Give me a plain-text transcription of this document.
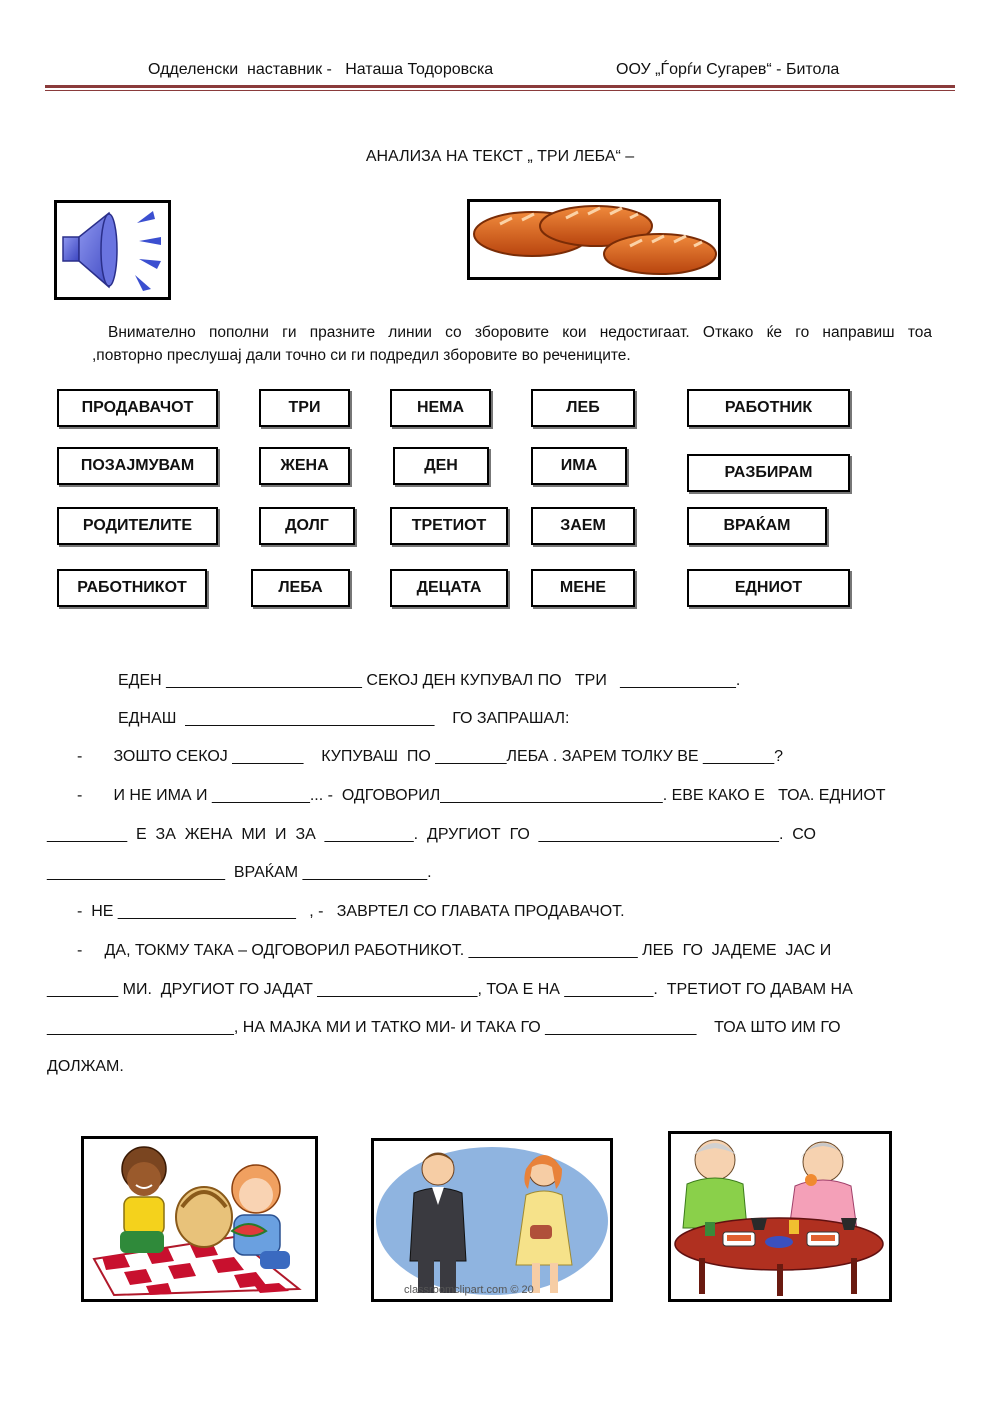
Одделенски  наставник -   Наташа Тодоровска	ООУ „Ѓорѓи Сугарев“ - Битола
АНАЛИЗА НА ТЕКСТ „ ТРИ ЛЕБА“ –
Внимателно пополни ги празните линии со зборовите кои недостигаат. Откако ќе го направиш тоа
,повторно преслушај дали точно си ги подредил зборовите во речениците.
ПРОДАВАЧОТ	ТРИ	НЕМА	ЛЕБ	РАБОТНИК
ПОЗАЈМУВАМ	ЖЕНА	ДЕН	ИМА	РАЗБИРАМ
РОДИТЕЛИТЕ	ДОЛГ	ТРЕТИОТ	ЗАЕМ	ВРАЌАМ
РАБОТНИКОТ	ЛЕБА	ДЕЦАТА	МЕНЕ	ЕДНИОТ
ЕДЕН ______________________ СЕКОЈ ДЕН КУПУВАЛ ПО   ТРИ   _____________.
ЕДНАШ  ____________________________    ГО ЗАПРАШАЛ:
-       ЗОШТО СЕКОЈ ________    КУПУВАШ  ПО ________ЛЕБА . ЗАРЕМ ТОЛКУ ВЕ ________?
-       И НЕ ИМА И ___________... -  ОДГОВОРИЛ_________________________. ЕВЕ КАКО Е   ТОА. ЕДНИОТ
_________  Е  ЗА  ЖЕНА  МИ  И  ЗА  __________.  ДРУГИОТ  ГО  ___________________________.  СО
____________________  ВРАЌАМ ______________.
-  НЕ ____________________   , -   ЗАВРТЕЛ СО ГЛАВАТА ПРОДАВАЧОТ.
-     ДА, ТОКМУ ТАКА – ОДГОВОРИЛ РАБОТНИКОТ. ___________________ ЛЕБ  ГО  ЈАДЕМЕ  ЈАС И
________ МИ.  ДРУГИОТ ГО ЈАДАТ __________________, ТОА Е НА __________.  ТРЕТИОТ ГО ДАВАМ НА
_____________________, НА МАЈКА МИ И ТАТКО МИ- И ТАКА ГО _________________    ТОА ШТО ИМ ГО
ДОЛЖАМ.
classroomclipart.com © 20
